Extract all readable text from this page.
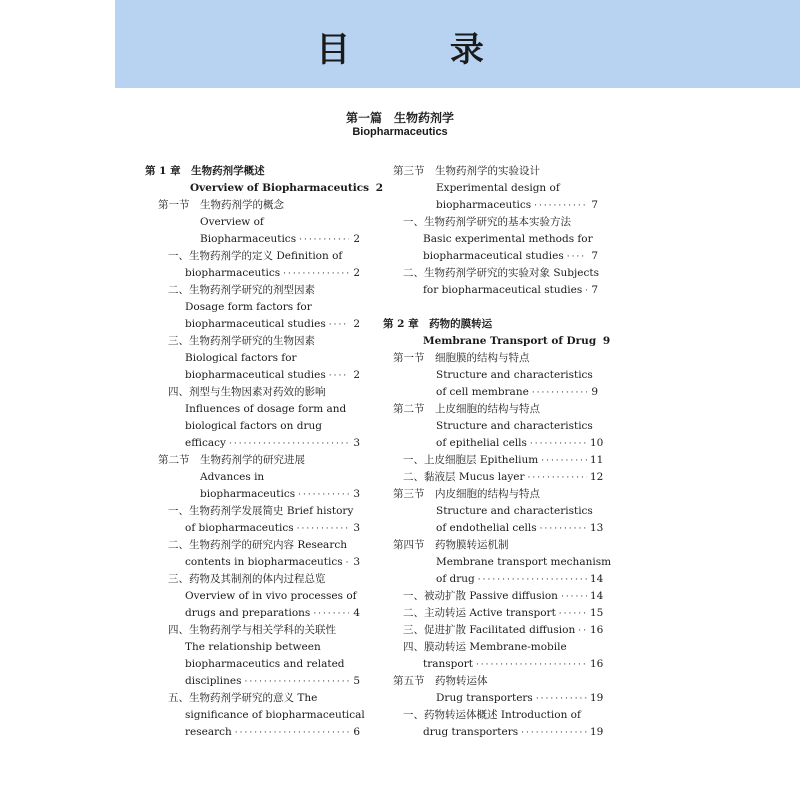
目 录
第一篇　生物药剂学
Biopharmaceutics
第 1 章　生物药剂学概述
Overview of Biopharmaceutics 2
第一节　生物药剂学的概念
Overview of
Biopharmaceutics ·····	2
一、生物药剂学的定义 Definition of
biopharmaceutics ·····	2
二、生物药剂学研究的剂型因素
Dosage form factors for
biopharmaceutical studies ·····	2
三、生物药剂学研究的生物因素
Biological factors for
biopharmaceutical studies ·····	2
四、剂型与生物因素对药效的影响
Influences of dosage form and
biological factors on drug
efficacy ·····	3
第二节　生物药剂学的研究进展
Advances in
biopharmaceutics ·····	3
一、生物药剂学发展简史 Brief history
of biopharmaceutics ·····	3
二、生物药剂学的研究内容 Research
contents in biopharmaceutics ····· 3
三、药物及其制剂的体内过程总览
Overview of in vivo processes of
drugs and preparations ·····	4
四、生物药剂学与相关学科的关联性
The relationship between
biopharmaceutics and related
disciplines ·····	5
五、生物药剂学研究的意义 The
significance of biopharmaceutical
research ·····	6
第三节　生物药剂学的实验设计
Experimental design of
biopharmaceutics ·····	7
一、生物药剂学研究的基本实验方法
Basic experimental methods for
biopharmaceutical studies ·····	7
二、生物药剂学研究的实验对象 Subjects
for biopharmaceutical studies ····· 7
第 2 章　药物的膜转运
Membrane Transport of Drug 9
第一节　细胞膜的结构与特点
Structure and characteristics
of cell membrane ·····	9
第二节　上皮细胞的结构与特点
Structure and characteristics
of epithelial cells ·····	10
一、上皮细胞层 Epithelium ·····	11
二、黏液层 Mucus layer ·····	12
第三节　内皮细胞的结构与特点
Structure and characteristics
of endothelial cells ·····	13
第四节　药物膜转运机制
Membrane transport mechanism
of drug ·····	14
一、被动扩散 Passive diffusion ·····	14
二、主动转运 Active transport ·····	15
三、促进扩散 Facilitated diffusion ····· 16
四、膜动转运 Membrane-mobile
transport ·····	16
第五节　药物转运体
Drug transporters ·····	19
一、药物转运体概述 Introduction of
drug transporters ·····	19
